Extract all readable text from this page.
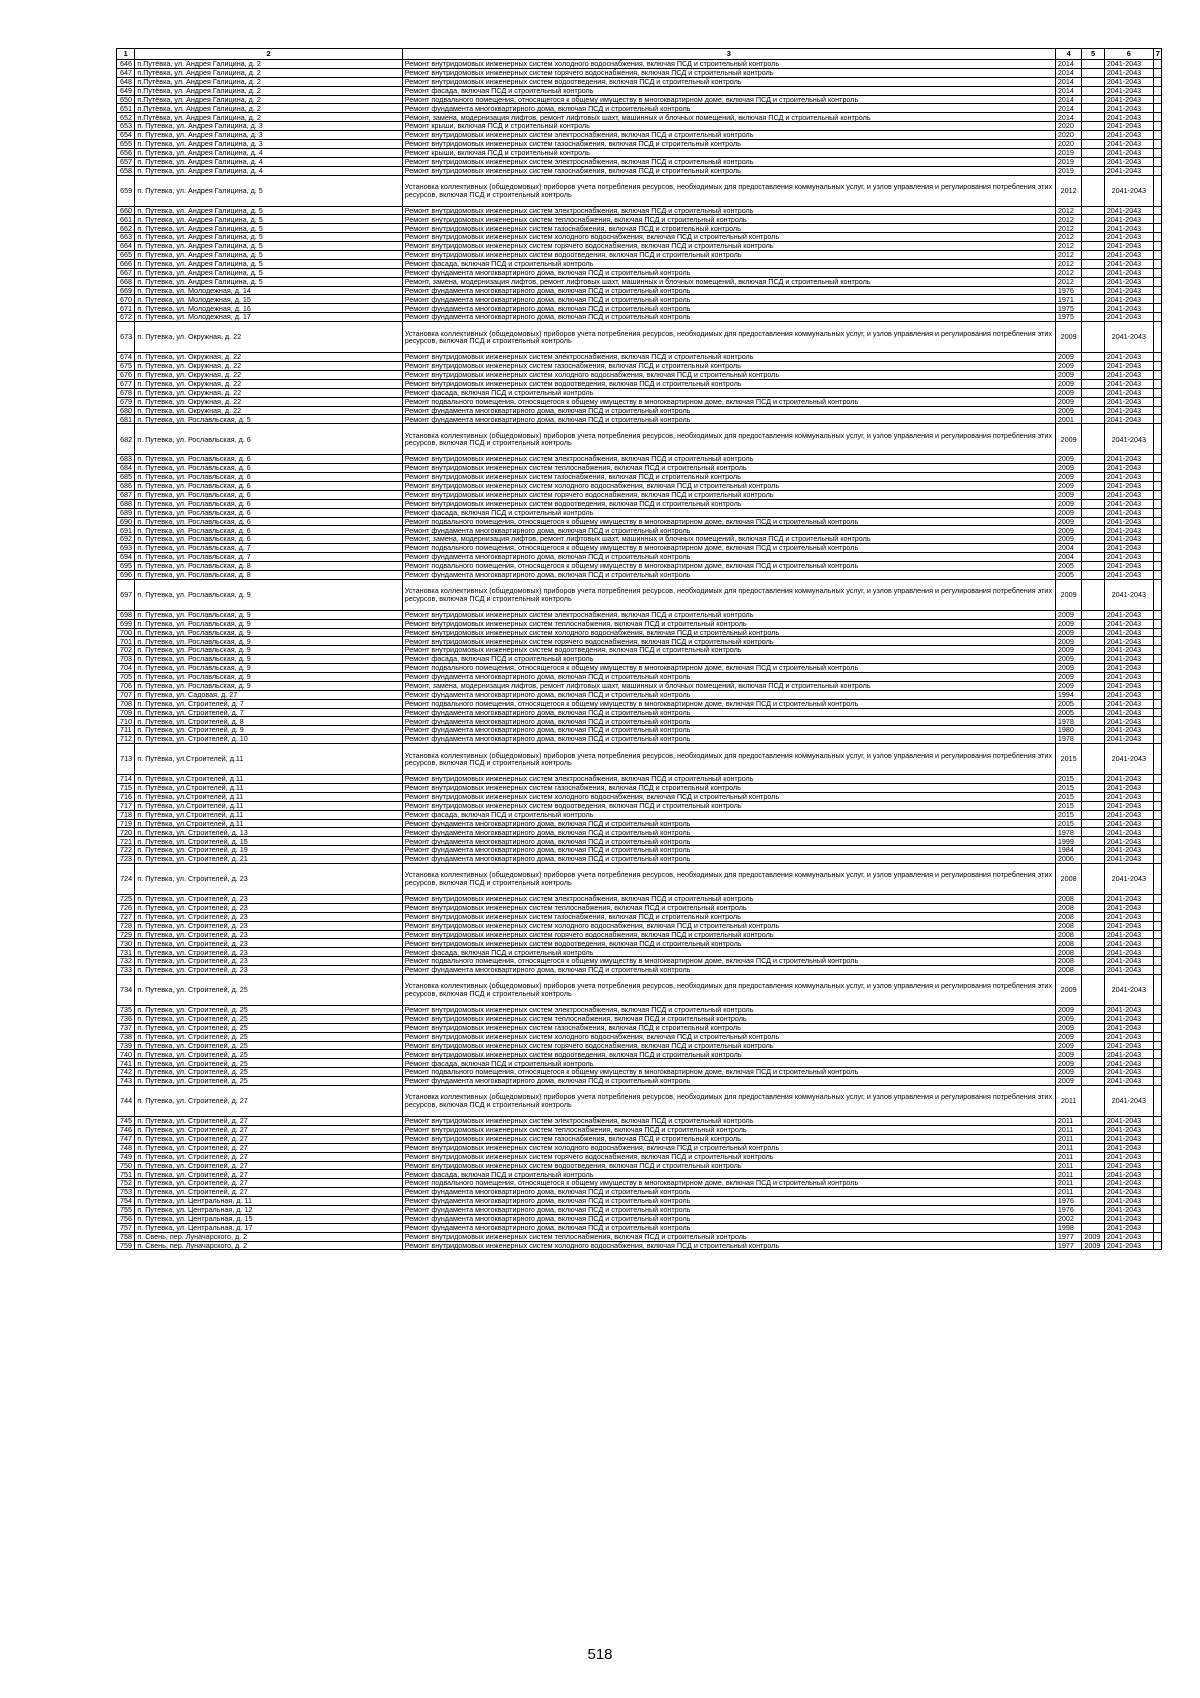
1	2	3	4	5	6	7
646	п.Путёвка, ул. Андрея Галицина, д. 2	Ремонт внутридомовых инженерных систем холодного водоснабжения, включая ПСД и строительный контроль	2014		2041-2043	
647	п.Путёвка, ул. Андрея Галицина, д. 2	Ремонт внутридомовых инженерных систем горячего водоснабжения, включая ПСД и строительный контроль	2014		2041-2043	
648	п.Путёвка, ул. Андрея Галицина, д. 2	Ремонт внутридомовых инженерных систем водоотведения, включая ПСД и строительный контроль	2014		2041-2043	
649	п.Путёвка, ул. Андрея Галицина, д. 2	Ремонт фасада, включая ПСД и строительный контроль	2014		2041-2043	
650	п.Путёвка, ул. Андрея Галицина, д. 2	Ремонт подвального помещения, относящегося к общему имуществу в многоквартирном доме, включая ПСД и строительный контроль	2014		2041-2043	
651	п.Путёвка, ул. Андрея Галицина, д. 2	Ремонт фундамента многоквартирного дома, включая ПСД и строительный контроль	2014		2041-2043	
652	п.Путёвка, ул. Андрея Галицина, д. 2	Ремонт, замена, модернизация лифтов, ремонт лифтовых шахт, машинных и блочных помещений, включая ПСД и строительный контроль	2014		2041-2043	
653	п. Путевка, ул. Андрея Галицина, д. 3	Ремонт крыши, включая ПСД и строительный контроль	2020		2041-2043	
654	п. Путевка, ул. Андрея Галицина, д. 3	Ремонт внутридомовых инженерных систем электроснабжения, включая ПСД и строительный контроль	2020		2041-2043	
655	п. Путевка, ул. Андрея Галицина, д. 3	Ремонт внутридомовых инженерных систем газоснабжения, включая ПСД и строительный контроль	2020		2041-2043	
656	п. Путевка, ул. Андрея Галицина, д. 4	Ремонт крыши, включая ПСД и строительный контроль	2019		2041-2043	
657	п. Путевка, ул. Андрея Галицина, д. 4	Ремонт внутридомовых инженерных систем электроснабжения, включая ПСД и строительный контроль	2019		2041-2043	
658	п. Путевка, ул. Андрея Галицина, д. 4	Ремонт внутридомовых инженерных систем газоснабжения, включая ПСД и строительный контроль	2019		2041-2043	
659	п. Путевка, ул. Андрея Галицина, д. 5	Установка коллективных (общедомовых) приборов учета потребления ресурсов, необходимых для предоставления коммунальных услуг, и узлов управления и регулирования потребления этих ресурсов, включая ПСД и строительный контроль	2012		2041-2043	
660	п. Путевка, ул. Андрея Галицина, д. 5	Ремонт внутридомовых инженерных систем электроснабжения, включая ПСД и строительный контроль	2012		2041-2043	
661	п. Путевка, ул. Андрея Галицина, д. 5	Ремонт внутридомовых инженерных систем теплоснабжения, включая ПСД и строительный контроль	2012		2041-2043	
662	п. Путевка, ул. Андрея Галицина, д. 5	Ремонт внутридомовых инженерных систем газоснабжения, включая ПСД и строительный контроль	2012		2041-2043	
663	п. Путевка, ул. Андрея Галицина, д. 5	Ремонт внутридомовых инженерных систем холодного водоснабжения, включая ПСД и строительный контроль	2012		2041-2043	
664	п. Путевка, ул. Андрея Галицина, д. 5	Ремонт внутридомовых инженерных систем горячего водоснабжения, включая ПСД и строительный контроль	2012		2041-2043	
665	п. Путевка, ул. Андрея Галицина, д. 5	Ремонт внутридомовых инженерных систем водоотведения, включая ПСД и строительный контроль	2012		2041-2043	
666	п. Путевка, ул. Андрея Галицина, д. 5	Ремонт фасада, включая ПСД и строительный контроль	2012		2041-2043	
667	п. Путевка, ул. Андрея Галицина, д. 5	Ремонт фундамента многоквартирного дома, включая ПСД и строительный контроль	2012		2041-2043	
668	п. Путевка, ул. Андрея Галицина, д. 5	Ремонт, замена, модернизация лифтов, ремонт лифтовых шахт, машинных и блочных помещений, включая ПСД и строительный контроль	2012		2041-2043	
669	п. Путевка, ул. Молодежная, д. 14	Ремонт фундамента многоквартирного дома, включая ПСД и строительный контроль	1976		2041-2043	
670	п. Путевка, ул. Молодежная, д. 15	Ремонт фундамента многоквартирного дома, включая ПСД и строительный контроль	1971		2041-2043	
671	п. Путевка, ул. Молодежная, д. 16	Ремонт фундамента многоквартирного дома, включая ПСД и строительный контроль	1975		2041-2043	
672	п. Путевка, ул. Молодежная, д. 17	Ремонт фундамента многоквартирного дома, включая ПСД и строительный контроль	1975		2041-2043	
673	п. Путевка, ул. Окружная, д. 22	Установка коллективных (общедомовых) приборов учета потребления ресурсов, необходимых для предоставления коммунальных услуг, и узлов управления и регулирования потребления этих ресурсов, включая ПСД и строительный контроль	2009		2041-2043	
674	п. Путевка, ул. Окружная, д. 22	Ремонт внутридомовых инженерных систем электроснабжения, включая ПСД и строительный контроль	2009		2041-2043	
675	п. Путевка, ул. Окружная, д. 22	Ремонт внутридомовых инженерных систем газоснабжения, включая ПСД и строительный контроль	2009		2041-2043	
676	п. Путевка, ул. Окружная, д. 22	Ремонт внутридомовых инженерных систем холодного водоснабжения, включая ПСД и строительный контроль	2009		2041-2043	
677	п. Путевка, ул. Окружная, д. 22	Ремонт внутридомовых инженерных систем водоотведения, включая ПСД и строительный контроль	2009		2041-2043	
678	п. Путевка, ул. Окружная, д. 22	Ремонт фасада, включая ПСД и строительный контроль	2009		2041-2043	
679	п. Путевка, ул. Окружная, д. 22	Ремонт подвального помещения, относящегося к общему имуществу в многоквартирном доме, включая ПСД и строительный контроль	2009		2041-2043	
680	п. Путевка, ул. Окружная, д. 22	Ремонт фундамента многоквартирного дома, включая ПСД и строительный контроль	2009		2041-2043	
681	п. Путевка, ул. Рославльская, д. 5	Ремонт фундамента многоквартирного дома, включая ПСД и строительный контроль	2001		2041-2043	
682	п. Путевка, ул. Рославльская, д. 6	Установка коллективных (общедомовых) приборов учета потребления ресурсов, необходимых для предоставления коммунальных услуг, и узлов управления и регулирования потребления этих ресурсов, включая ПСД и строительный контроль	2009		2041-2043	
683	п. Путевка, ул. Рославльская, д. 6	Ремонт внутридомовых инженерных систем электроснабжения, включая ПСД и строительный контроль	2009		2041-2043	
684	п. Путевка, ул. Рославльская, д. 6	Ремонт внутридомовых инженерных систем теплоснабжения, включая ПСД и строительный контроль	2009		2041-2043	
685	п. Путевка, ул. Рославльская, д. 6	Ремонт внутридомовых инженерных систем газоснабжения, включая ПСД и строительный контроль	2009		2041-2043	
686	п. Путевка, ул. Рославльская, д. 6	Ремонт внутридомовых инженерных систем холодного водоснабжения, включая ПСД и строительный контроль	2009		2041-2043	
687	п. Путевка, ул. Рославльская, д. 6	Ремонт внутридомовых инженерных систем горячего водоснабжения, включая ПСД и строительный контроль	2009		2041-2043	
688	п. Путевка, ул. Рославльская, д. 6	Ремонт внутридомовых инженерных систем водоотведения, включая ПСД и строительный контроль	2009		2041-2043	
689	п. Путевка, ул. Рославльская, д. 6	Ремонт фасада, включая ПСД и строительный контроль	2009		2041-2043	
690	п. Путевка, ул. Рославльская, д. 6	Ремонт подвального помещения, относящегося к общему имуществу в многоквартирном доме, включая ПСД и строительный контроль	2009		2041-2043	
691	п. Путевка, ул. Рославльская, д. 6	Ремонт фундамента многоквартирного дома, включая ПСД и строительный контроль	2009		2041-2043	
692	п. Путевка, ул. Рославльская, д. 6	Ремонт, замена, модернизация лифтов, ремонт лифтовых шахт, машинных и блочных помещений, включая ПСД и строительный контроль	2009		2041-2043	
693	п. Путевка, ул. Рославльская, д. 7	Ремонт подвального помещения, относящегося к общему имуществу в многоквартирном доме, включая ПСД и строительный контроль	2004		2041-2043	
694	п. Путевка, ул. Рославльская, д. 7	Ремонт фундамента многоквартирного дома, включая ПСД и строительный контроль	2004		2041-2043	
695	п. Путевка, ул. Рославльская, д. 8	Ремонт подвального помещения, относящегося к общему имуществу в многоквартирном доме, включая ПСД и строительный контроль	2005		2041-2043	
696	п. Путевка, ул. Рославльская, д. 8	Ремонт фундамента многоквартирного дома, включая ПСД и строительный контроль	2005		2041-2043	
697	п. Путевка, ул. Рославльская, д. 9	Установка коллективных (общедомовых) приборов учета потребления ресурсов, необходимых для предоставления коммунальных услуг, и узлов управления и регулирования потребления этих ресурсов, включая ПСД и строительный контроль	2009		2041-2043	
698	п. Путевка, ул. Рославльская, д. 9	Ремонт внутридомовых инженерных систем электроснабжения, включая ПСД и строительный контроль	2009		2041-2043	
699	п. Путевка, ул. Рославльская, д. 9	Ремонт внутридомовых инженерных систем теплоснабжения, включая ПСД и строительный контроль	2009		2041-2043	
700	п. Путевка, ул. Рославльская, д. 9	Ремонт внутридомовых инженерных систем холодного водоснабжения, включая ПСД и строительный контроль	2009		2041-2043	
701	п. Путевка, ул. Рославльская, д. 9	Ремонт внутридомовых инженерных систем горячего водоснабжения, включая ПСД и строительный контроль	2009		2041-2043	
702	п. Путевка, ул. Рославльская, д. 9	Ремонт внутридомовых инженерных систем водоотведения, включая ПСД и строительный контроль	2009		2041-2043	
703	п. Путевка, ул. Рославльская, д. 9	Ремонт фасада, включая ПСД и строительный контроль	2009		2041-2043	
704	п. Путевка, ул. Рославльская, д. 9	Ремонт подвального помещения, относящегося к общему имуществу в многоквартирном доме, включая ПСД и строительный контроль	2009		2041-2043	
705	п. Путевка, ул. Рославльская, д. 9	Ремонт фундамента многоквартирного дома, включая ПСД и строительный контроль	2009		2041-2043	
706	п. Путевка, ул. Рославльская, д. 9	Ремонт, замена, модернизация лифтов, ремонт лифтовых шахт, машинных и блочных помещений, включая ПСД и строительный контроль	2009		2041-2043	
707	п. Путевка, ул. Садовая, д. 27	Ремонт фундамента многоквартирного дома, включая ПСД и строительный контроль	1994		2041-2043	
708	п. Путевка, ул. Строителей, д. 7	Ремонт подвального помещения, относящегося к общему имуществу в многоквартирном доме, включая ПСД и строительный контроль	2005		2041-2043	
709	п. Путевка, ул. Строителей, д. 7	Ремонт фундамента многоквартирного дома, включая ПСД и строительный контроль	2005		2041-2043	
710	п. Путевка, ул. Строителей, д. 8	Ремонт фундамента многоквартирного дома, включая ПСД и строительный контроль	1978		2041-2043	
711	п. Путевка, ул. Строителей, д. 9	Ремонт фундамента многоквартирного дома, включая ПСД и строительный контроль	1980		2041-2043	
712	п. Путевка, ул. Строителей, д. 10	Ремонт фундамента многоквартирного дома, включая ПСД и строительный контроль	1978		2041-2043	
713	п. Путёвка, ул.Строителей, д.11	Установка коллективных (общедомовых) приборов учета потребления ресурсов, необходимых для предоставления коммунальных услуг, и узлов управления и регулирования потребления этих ресурсов, включая ПСД и строительный контроль	2015		2041-2043	
714	п. Путёвка, ул.Строителей, д.11	Ремонт внутридомовых инженерных систем электроснабжения, включая ПСД и строительный контроль	2015		2041-2043	
715	п. Путёвка, ул.Строителей, д.11	Ремонт внутридомовых инженерных систем газоснабжения, включая ПСД и строительный контроль	2015		2041-2043	
716	п. Путёвка, ул.Строителей, д.11	Ремонт внутридомовых инженерных систем холодного водоснабжения, включая ПСД и строительный контроль	2015		2041-2043	
717	п. Путёвка, ул.Строителей, д.11	Ремонт внутридомовых инженерных систем водоотведения, включая ПСД и строительный контроль	2015		2041-2043	
718	п. Путёвка, ул.Строителей, д.11	Ремонт фасада, включая ПСД и строительный контроль	2015		2041-2043	
719	п. Путёвка, ул.Строителей, д.11	Ремонт фундамента многоквартирного дома, включая ПСД и строительный контроль	2015		2041-2043	
720	п. Путевка, ул. Строителей, д. 13	Ремонт фундамента многоквартирного дома, включая ПСД и строительный контроль	1978		2041-2043	
721	п. Путевка, ул. Строителей, д. 15	Ремонт фундамента многоквартирного дома, включая ПСД и строительный контроль	1999		2041-2043	
722	п. Путевка, ул. Строителей, д. 19	Ремонт фундамента многоквартирного дома, включая ПСД и строительный контроль	1984		2041-2043	
723	п. Путевка, ул. Строителей, д. 21	Ремонт фундамента многоквартирного дома, включая ПСД и строительный контроль	2006		2041-2043	
724	п. Путевка, ул. Строителей, д. 23	Установка коллективных (общедомовых) приборов учета потребления ресурсов, необходимых для предоставления коммунальных услуг, и узлов управления и регулирования потребления этих ресурсов, включая ПСД и строительный контроль	2008		2041-2043	
725	п. Путевка, ул. Строителей, д. 23	Ремонт внутридомовых инженерных систем электроснабжения, включая ПСД и строительный контроль	2008		2041-2043	
726	п. Путевка, ул. Строителей, д. 23	Ремонт внутридомовых инженерных систем теплоснабжения, включая ПСД и строительный контроль	2008		2041-2043	
727	п. Путевка, ул. Строителей, д. 23	Ремонт внутридомовых инженерных систем газоснабжения, включая ПСД и строительный контроль	2008		2041-2043	
728	п. Путевка, ул. Строителей, д. 23	Ремонт внутридомовых инженерных систем холодного водоснабжения, включая ПСД и строительный контроль	2008		2041-2043	
729	п. Путевка, ул. Строителей, д. 23	Ремонт внутридомовых инженерных систем горячего водоснабжения, включая ПСД и строительный контроль	2008		2041-2043	
730	п. Путевка, ул. Строителей, д. 23	Ремонт внутридомовых инженерных систем водоотведения, включая ПСД и строительный контроль	2008		2041-2043	
731	п. Путевка, ул. Строителей, д. 23	Ремонт фасада, включая ПСД и строительный контроль	2008		2041-2043	
732	п. Путевка, ул. Строителей, д. 23	Ремонт подвального помещения, относящегося к общему имуществу в многоквартирном доме, включая ПСД и строительный контроль	2008		2041-2043	
733	п. Путевка, ул. Строителей, д. 23	Ремонт фундамента многоквартирного дома, включая ПСД и строительный контроль	2008		2041-2043	
734	п. Путевка, ул. Строителей, д. 25	Установка коллективных (общедомовых) приборов учета потребления ресурсов, необходимых для предоставления коммунальных услуг, и узлов управления и регулирования потребления этих ресурсов, включая ПСД и строительный контроль	2009		2041-2043	
735	п. Путевка, ул. Строителей, д. 25	Ремонт внутридомовых инженерных систем электроснабжения, включая ПСД и строительный контроль	2009		2041-2043	
736	п. Путевка, ул. Строителей, д. 25	Ремонт внутридомовых инженерных систем теплоснабжения, включая ПСД и строительный контроль	2009		2041-2043	
737	п. Путевка, ул. Строителей, д. 25	Ремонт внутридомовых инженерных систем газоснабжения, включая ПСД и строительный контроль	2009		2041-2043	
738	п. Путевка, ул. Строителей, д. 25	Ремонт внутридомовых инженерных систем холодного водоснабжения, включая ПСД и строительный контроль	2009		2041-2043	
739	п. Путевка, ул. Строителей, д. 25	Ремонт внутридомовых инженерных систем горячего водоснабжения, включая ПСД и строительный контроль	2009		2041-2043	
740	п. Путевка, ул. Строителей, д. 25	Ремонт внутридомовых инженерных систем водоотведения, включая ПСД и строительный контроль	2009		2041-2043	
741	п. Путевка, ул. Строителей, д. 25	Ремонт фасада, включая ПСД и строительный контроль	2009		2041-2043	
742	п. Путевка, ул. Строителей, д. 25	Ремонт подвального помещения, относящегося к общему имуществу в многоквартирном доме, включая ПСД и строительный контроль	2009		2041-2043	
743	п. Путевка, ул. Строителей, д. 25	Ремонт фундамента многоквартирного дома, включая ПСД и строительный контроль	2009		2041-2043	
744	п. Путевка, ул. Строителей, д. 27	Установка коллективных (общедомовых) приборов учета потребления ресурсов, необходимых для предоставления коммунальных услуг, и узлов управления и регулирования потребления этих ресурсов, включая ПСД и строительный контроль	2011		2041-2043	
745	п. Путевка, ул. Строителей, д. 27	Ремонт внутридомовых инженерных систем электроснабжения, включая ПСД и строительный контроль	2011		2041-2043	
746	п. Путевка, ул. Строителей, д. 27	Ремонт внутридомовых инженерных систем теплоснабжения, включая ПСД и строительный контроль	2011		2041-2043	
747	п. Путевка, ул. Строителей, д. 27	Ремонт внутридомовых инженерных систем газоснабжения, включая ПСД и строительный контроль	2011		2041-2043	
748	п. Путевка, ул. Строителей, д. 27	Ремонт внутридомовых инженерных систем холодного водоснабжения, включая ПСД и строительный контроль	2011		2041-2043	
749	п. Путевка, ул. Строителей, д. 27	Ремонт внутридомовых инженерных систем горячего водоснабжения, включая ПСД и строительный контроль	2011		2041-2043	
750	п. Путевка, ул. Строителей, д. 27	Ремонт внутридомовых инженерных систем водоотведения, включая ПСД и строительный контроль	2011		2041-2043	
751	п. Путевка, ул. Строителей, д. 27	Ремонт фасада, включая ПСД и строительный контроль	2011		2041-2043	
752	п. Путевка, ул. Строителей, д. 27	Ремонт подвального помещения, относящегося к общему имуществу в многоквартирном доме, включая ПСД и строительный контроль	2011		2041-2043	
753	п. Путевка, ул. Строителей, д. 27	Ремонт фундамента многоквартирного дома, включая ПСД и строительный контроль	2011		2041-2043	
754	п. Путевка, ул. Центральная, д. 11	Ремонт фундамента многоквартирного дома, включая ПСД и строительный контроль	1976		2041-2043	
755	п. Путевка, ул. Центральная, д. 12	Ремонт фундамента многоквартирного дома, включая ПСД и строительный контроль	1976		2041-2043	
756	п. Путевка, ул. Центральная, д. 15	Ремонт фундамента многоквартирного дома, включая ПСД и строительный контроль	2002		2041-2043	
757	п. Путевка, ул. Центральная, д. 17	Ремонт фундамента многоквартирного дома, включая ПСД и строительный контроль	1998		2041-2043	
758	п. Свень, пер. Луначарского, д. 2	Ремонт внутридомовых инженерных систем теплоснабжения, включая ПСД и строительный контроль	1977	2009	2041-2043	
759	п. Свень, пер. Луначарского, д. 2	Ремонт внутридомовых инженерных систем холодного водоснабжения, включая ПСД и строительный контроль	1977	2009	2041-2043	
518
